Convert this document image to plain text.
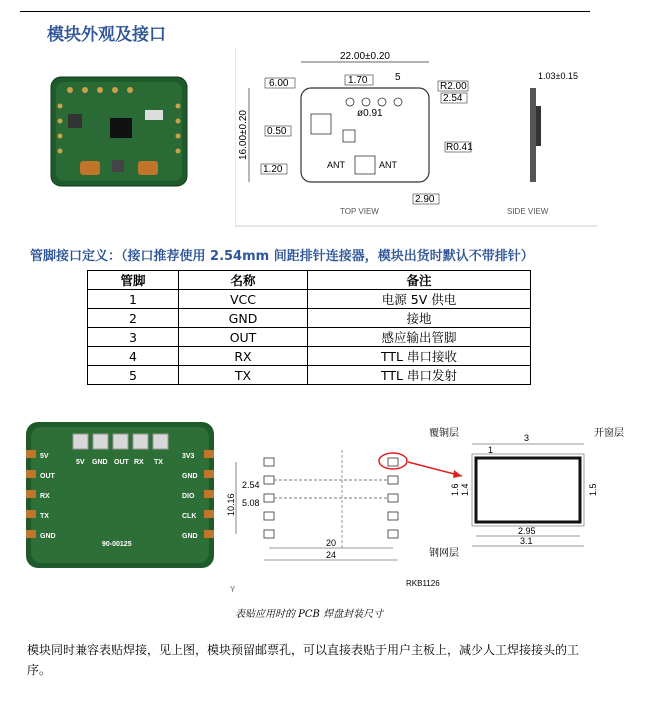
模块外观及接口
22.00±0.20
16.00±0.20
6.00	1.70	5
R2.00
2.54
ø0.91
0.50
R0.41
1.20
2.90
ANT	ANT
TOP VIEW
1.03±0.15
SIDE VIEW
管脚接口定义：（接口推荐使用 2.54mm 间距排针连接器，模块出货时默认不带排针）
管脚	名称	备注
1	VCC	电源 5V 供电
2	GND	接地
3	OUT	感应输出管脚
4	RX	TTL 串口接收
5	TX	TTL 串口发射
5V GND OUT RX TX
5V
OUT
RX
TX
GND
3V3
GND
DIO
CLK
GND
90-00125
10.16
2.54
5.08
20
24
RKB1126
覆铜层	开窗层
钢网层
3
1
1.6 1.4	1.5
2.95
3.1
Y
表贴应用时的 PCB 焊盘封装尺寸
模块同时兼容表贴焊接，见上图，模块预留邮票孔，可以直接表贴于用户主板上，减少人工焊接接头的工序。
